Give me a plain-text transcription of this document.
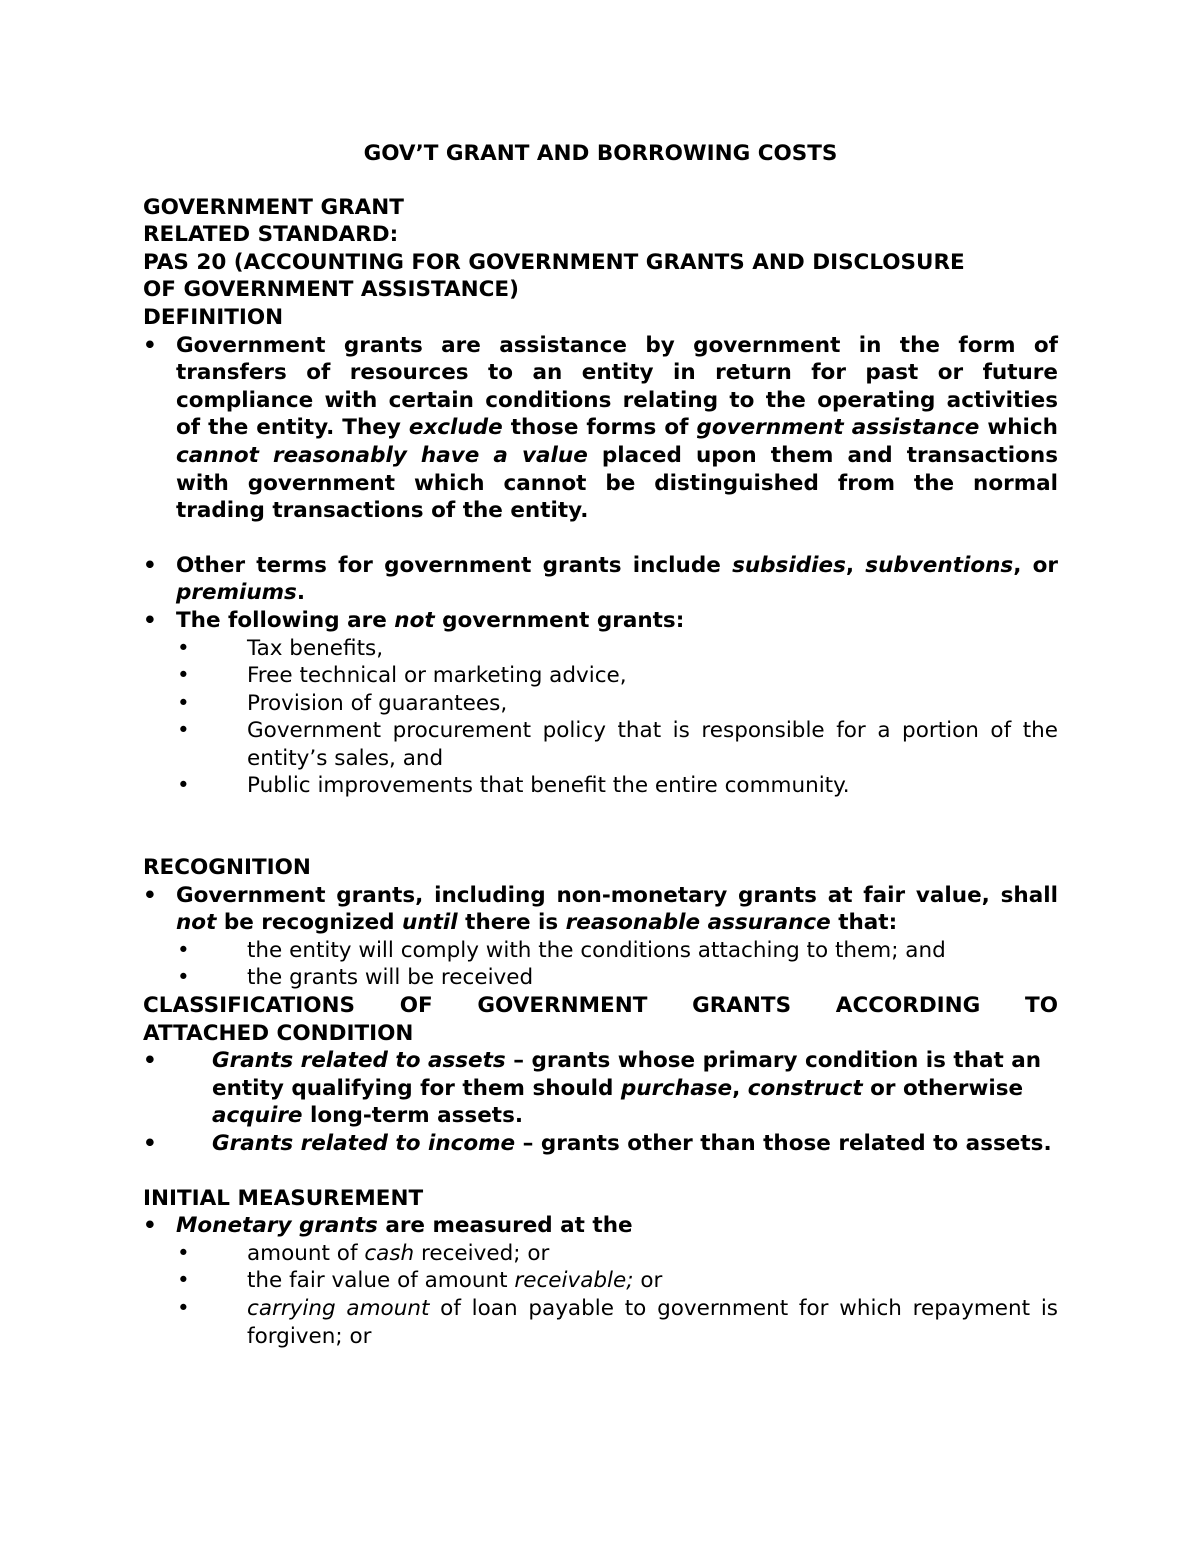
GOV’T GRANT AND BORROWING COSTS
GOVERNMENT GRANT
RELATED STANDARD:
PAS 20 (ACCOUNTING FOR GOVERNMENT GRANTS AND DISCLOSURE
OF GOVERNMENT ASSISTANCE)
DEFINITION
• Government grants are assistance by government in the form of transfers of resources to an entity in return for past or future compliance with certain conditions relating to the operating activities of the entity. They exclude those forms of government assistance which cannot reasonably have a value placed upon them and transactions with government which cannot be distinguished from the normal trading transactions of the entity.
• Other terms for government grants include subsidies, subventions, or premiums.
• The following are not government grants:
• Tax benefits,
• Free technical or marketing advice,
• Provision of guarantees,
• Government procurement policy that is responsible for a portion of the entity’s sales, and
• Public improvements that benefit the entire community.
RECOGNITION
• Government grants, including non-monetary grants at fair value, shall not be recognized until there is reasonable assurance that:
• the entity will comply with the conditions attaching to them; and
• the grants will be received
CLASSIFICATIONS OF GOVERNMENT GRANTS ACCORDING TO
ATTACHED CONDITION
• Grants related to assets – grants whose primary condition is that an entity qualifying for them should purchase, construct or otherwise acquire long-term assets.
• Grants related to income – grants other than those related to assets.
INITIAL MEASUREMENT
• Monetary grants are measured at the
• amount of cash received; or
• the fair value of amount receivable; or
• carrying amount of loan payable to government for which repayment is forgiven; or
